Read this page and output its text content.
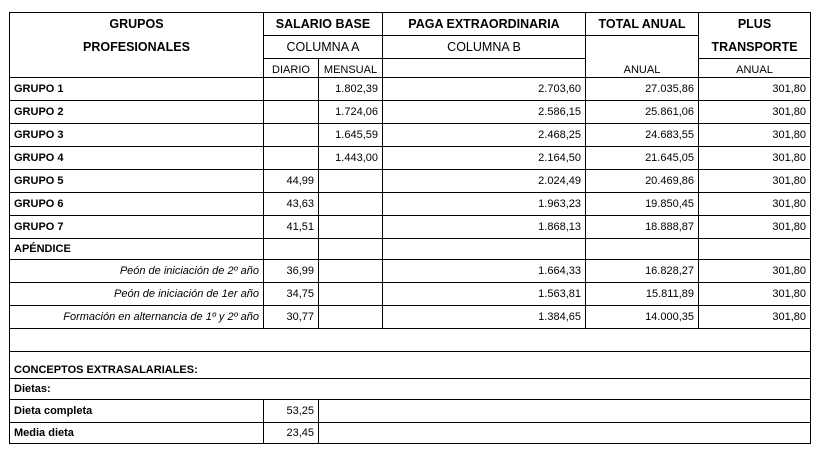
GRUPOS	SALARIO BASE		PAGA EXTRAORDINARIA	TOTAL ANUAL	PLUS
PROFESIONALES	COLUMNA A		COLUMNA B		TRANSPORTE
	DIARIO	MENSUAL		ANUAL	ANUAL
GRUPO 1		1.802,39	2.703,60	27.035,86	301,80
GRUPO 2		1.724,06	2.586,15	25.861,06	301,80
GRUPO 3		1.645,59	2.468,25	24.683,55	301,80
GRUPO 4		1.443,00	2.164,50	21.645,05	301,80
GRUPO 5	44,99		2.024,49	20.469,86	301,80
GRUPO 6	43,63		1.963,23	19.850,45	301,80
GRUPO 7	41,51		1.868,13	18.888,87	301,80
APÉNDICE					
Peón de iniciación de 2º año	36,99		1.664,33	16.828,27	301,80
Peón de iniciación de 1er año	34,75		1.563,81	15.811,89	301,80
Formación en alternancia de 1º y 2º año	30,77		1.384,65	14.000,35	301,80

CONCEPTOS EXTRASALARIALES:					
Dietas:					
Dieta completa	53,25				
Media dieta	23,45				
